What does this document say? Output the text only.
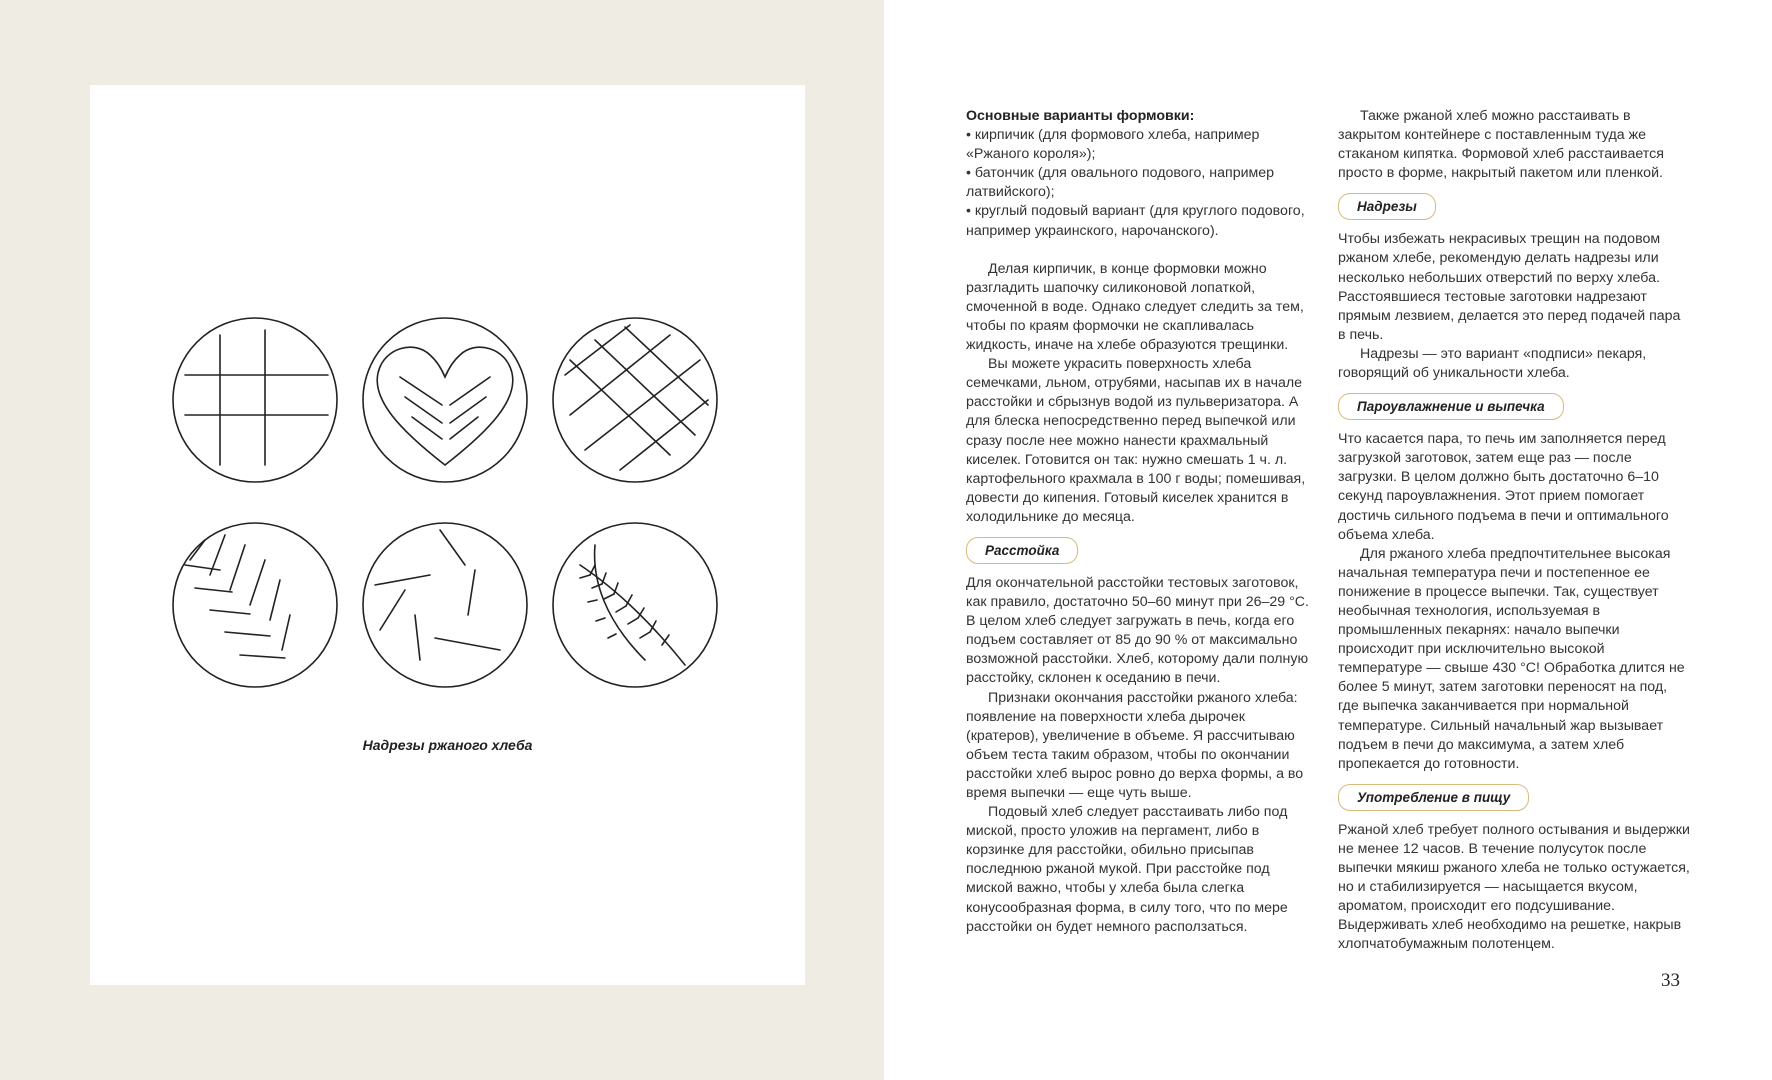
Надрезы ржаного хлеба

Основные варианты формовки:

• кирпичик (для формового хлеба, например «Ржаного короля»);

• батончик (для овального подового, например латвийского);

• круглый подовый вариант (для круглого подового, например украинского, нарочанского).

Делая кирпичик, в конце формовки можно разгладить шапочку силиконовой лопаткой, смоченной в воде. Однако следует следить за тем, чтобы по краям формочки не скапливалась жидкость, иначе на хлебе образуются трещинки.

Вы можете украсить поверхность хлеба семечками, льном, отрубями, насыпав их в начале расстойки и сбрызнув водой из пульверизатора. А для блеска непосредственно перед выпечкой или сразу после нее можно нанести крахмальный киселек. Готовится он так: нужно смешать 1 ч. л. картофельного крахмала в 100 г воды; помешивая, довести до кипения. Готовый киселек хранится в холодильнике до месяца.

Расстойка

Для окончательной расстойки тестовых заготовок, как правило, достаточно 50–60 минут при 26–29 °С. В целом хлеб следует загружать в печь, когда его подъем составляет от 85 до 90 % от максимально возможной расстойки. Хлеб, которому дали полную расстойку, склонен к оседанию в печи.

Признаки окончания расстойки ржаного хлеба: появление на поверхности хлеба дырочек (кратеров), увеличение в объеме. Я рассчитываю объем теста таким образом, чтобы по окончании расстойки хлеб вырос ровно до верха формы, а во время выпечки — еще чуть выше.

Подовый хлеб следует расстаивать либо под миской, просто уложив на пергамент, либо в корзинке для расстойки, обильно присыпав последнюю ржаной мукой. При расстойке под миской важно, чтобы у хлеба была слегка конусообразная форма, в силу того, что по мере расстойки он будет немного расползаться.

Также ржаной хлеб можно расстаивать в закрытом контейнере с поставленным туда же стаканом кипятка. Формовой хлеб расстаивается просто в форме, накрытый пакетом или пленкой.

Надрезы

Чтобы избежать некрасивых трещин на подовом ржаном хлебе, рекомендую делать надрезы или несколько небольших отверстий по верху хлеба. Расстоявшиеся тестовые заготовки надрезают прямым лезвием, делается это перед подачей пара в печь.

Надрезы — это вариант «подписи» пекаря, говорящий об уникальности хлеба.

Пароувлажнение и выпечка

Что касается пара, то печь им заполняется перед загрузкой заготовок, затем еще раз — после загрузки. В целом должно быть достаточно 6–10 секунд пароувлажнения. Этот прием помогает достичь сильного подъема в печи и оптимального объема хлеба.

Для ржаного хлеба предпочтительнее высокая начальная температура печи и постепенное ее понижение в процессе выпечки. Так, существует необычная технология, используемая в промышленных пекарнях: начало выпечки происходит при исключительно высокой температуре — свыше 430 °С! Обработка длится не более 5 минут, затем заготовки переносят на под, где выпечка заканчивается при нормальной температуре. Сильный начальный жар вызывает подъем в печи до максимума, а затем хлеб пропекается до готовности.

Употребление в пищу

Ржаной хлеб требует полного остывания и выдержки не менее 12 часов. В течение полусуток после выпечки мякиш ржаного хлеба не только остужается, но и стабилизируется — насыщается вкусом, ароматом, происходит его подсушивание. Выдерживать хлеб необходимо на решетке, накрыв хлопчатобумажным полотенцем.

33
